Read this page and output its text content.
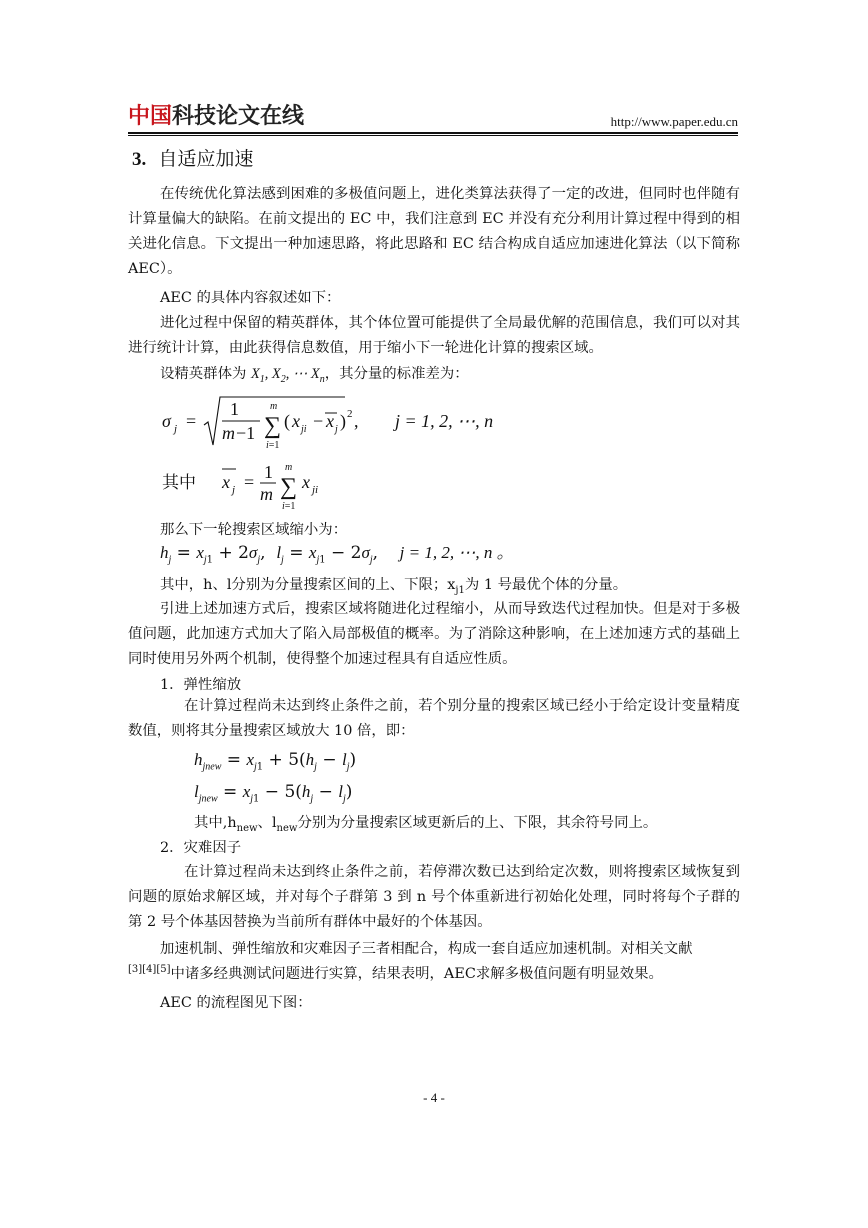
中国科技论文在线	http://www.paper.edu.cn
3. 自适应加速

在传统优化算法感到困难的多极值问题上，进化类算法获得了一定的改进，但同时也伴随有计算量偏大的缺陷。在前文提出的 EC 中，我们注意到 EC 并没有充分利用计算过程中得到的相关进化信息。下文提出一种加速思路，将此思路和 EC 结合构成自适应加速进化算法（以下简称 AEC）。

AEC 的具体内容叙述如下：

进化过程中保留的精英群体，其个体位置可能提供了全局最优解的范围信息，我们可以对其进行统计计算，由此获得信息数值，用于缩小下一轮进化计算的搜索区域。

设精英群体为 $X_1$, $X_2$, ⋯ $X_n$，其分量的标准差为：
σ j =
1
m −1 ∑
m
i=1
( x ji − x j ) 2 , j = 1, 2, ⋯, n
其中 x j = 1
m ∑
m
i=1
x ji
那么下一轮搜索区域缩小为：
$h_j = x_{j1} + 2\sigma_j$,  $l_j = x_{j1} - 2\sigma_j$,    j = 1, 2, ⋯, n 。
其中，h、l分别为分量搜索区间的上、下限；$x_{j1}$为 1 号最优个体的分量。

引进上述加速方式后，搜索区域将随进化过程缩小，从而导致迭代过程加快。但是对于多极值问题，此加速方式加大了陷入局部极值的概率。为了消除这种影响，在上述加速方式的基础上同时使用另外两个机制，使得整个加速过程具有自适应性质。

1．弹性缩放

在计算过程尚未达到终止条件之前，若个别分量的搜索区域已经小于给定设计变量精度数值，则将其分量搜索区域放大 10 倍，即：

$h_{jnew} = x_{j1} + 5(h_j - l_j)$
$l_{jnew} = x_{j1} - 5(h_j - l_j)$
其中$,h_{new}$、$l_{new}$分别为分量搜索区域更新后的上、下限，其余符号同上。
2．灾难因子

在计算过程尚未达到终止条件之前，若停滞次数已达到给定次数，则将搜索区域恢复到问题的原始求解区域，并对每个子群第 3 到 n 号个体重新进行初始化处理，同时将每个子群的第 2 号个体基因替换为当前所有群体中最好的个体基因。

加速机制、弹性缩放和灾难因子三者相配合，构成一套自适应加速机制。对相关文献
[3][4][5]中诸多经典测试问题进行实算，结果表明，AEC求解多极值问题有明显效果。
AEC 的流程图见下图：
- 4 -
